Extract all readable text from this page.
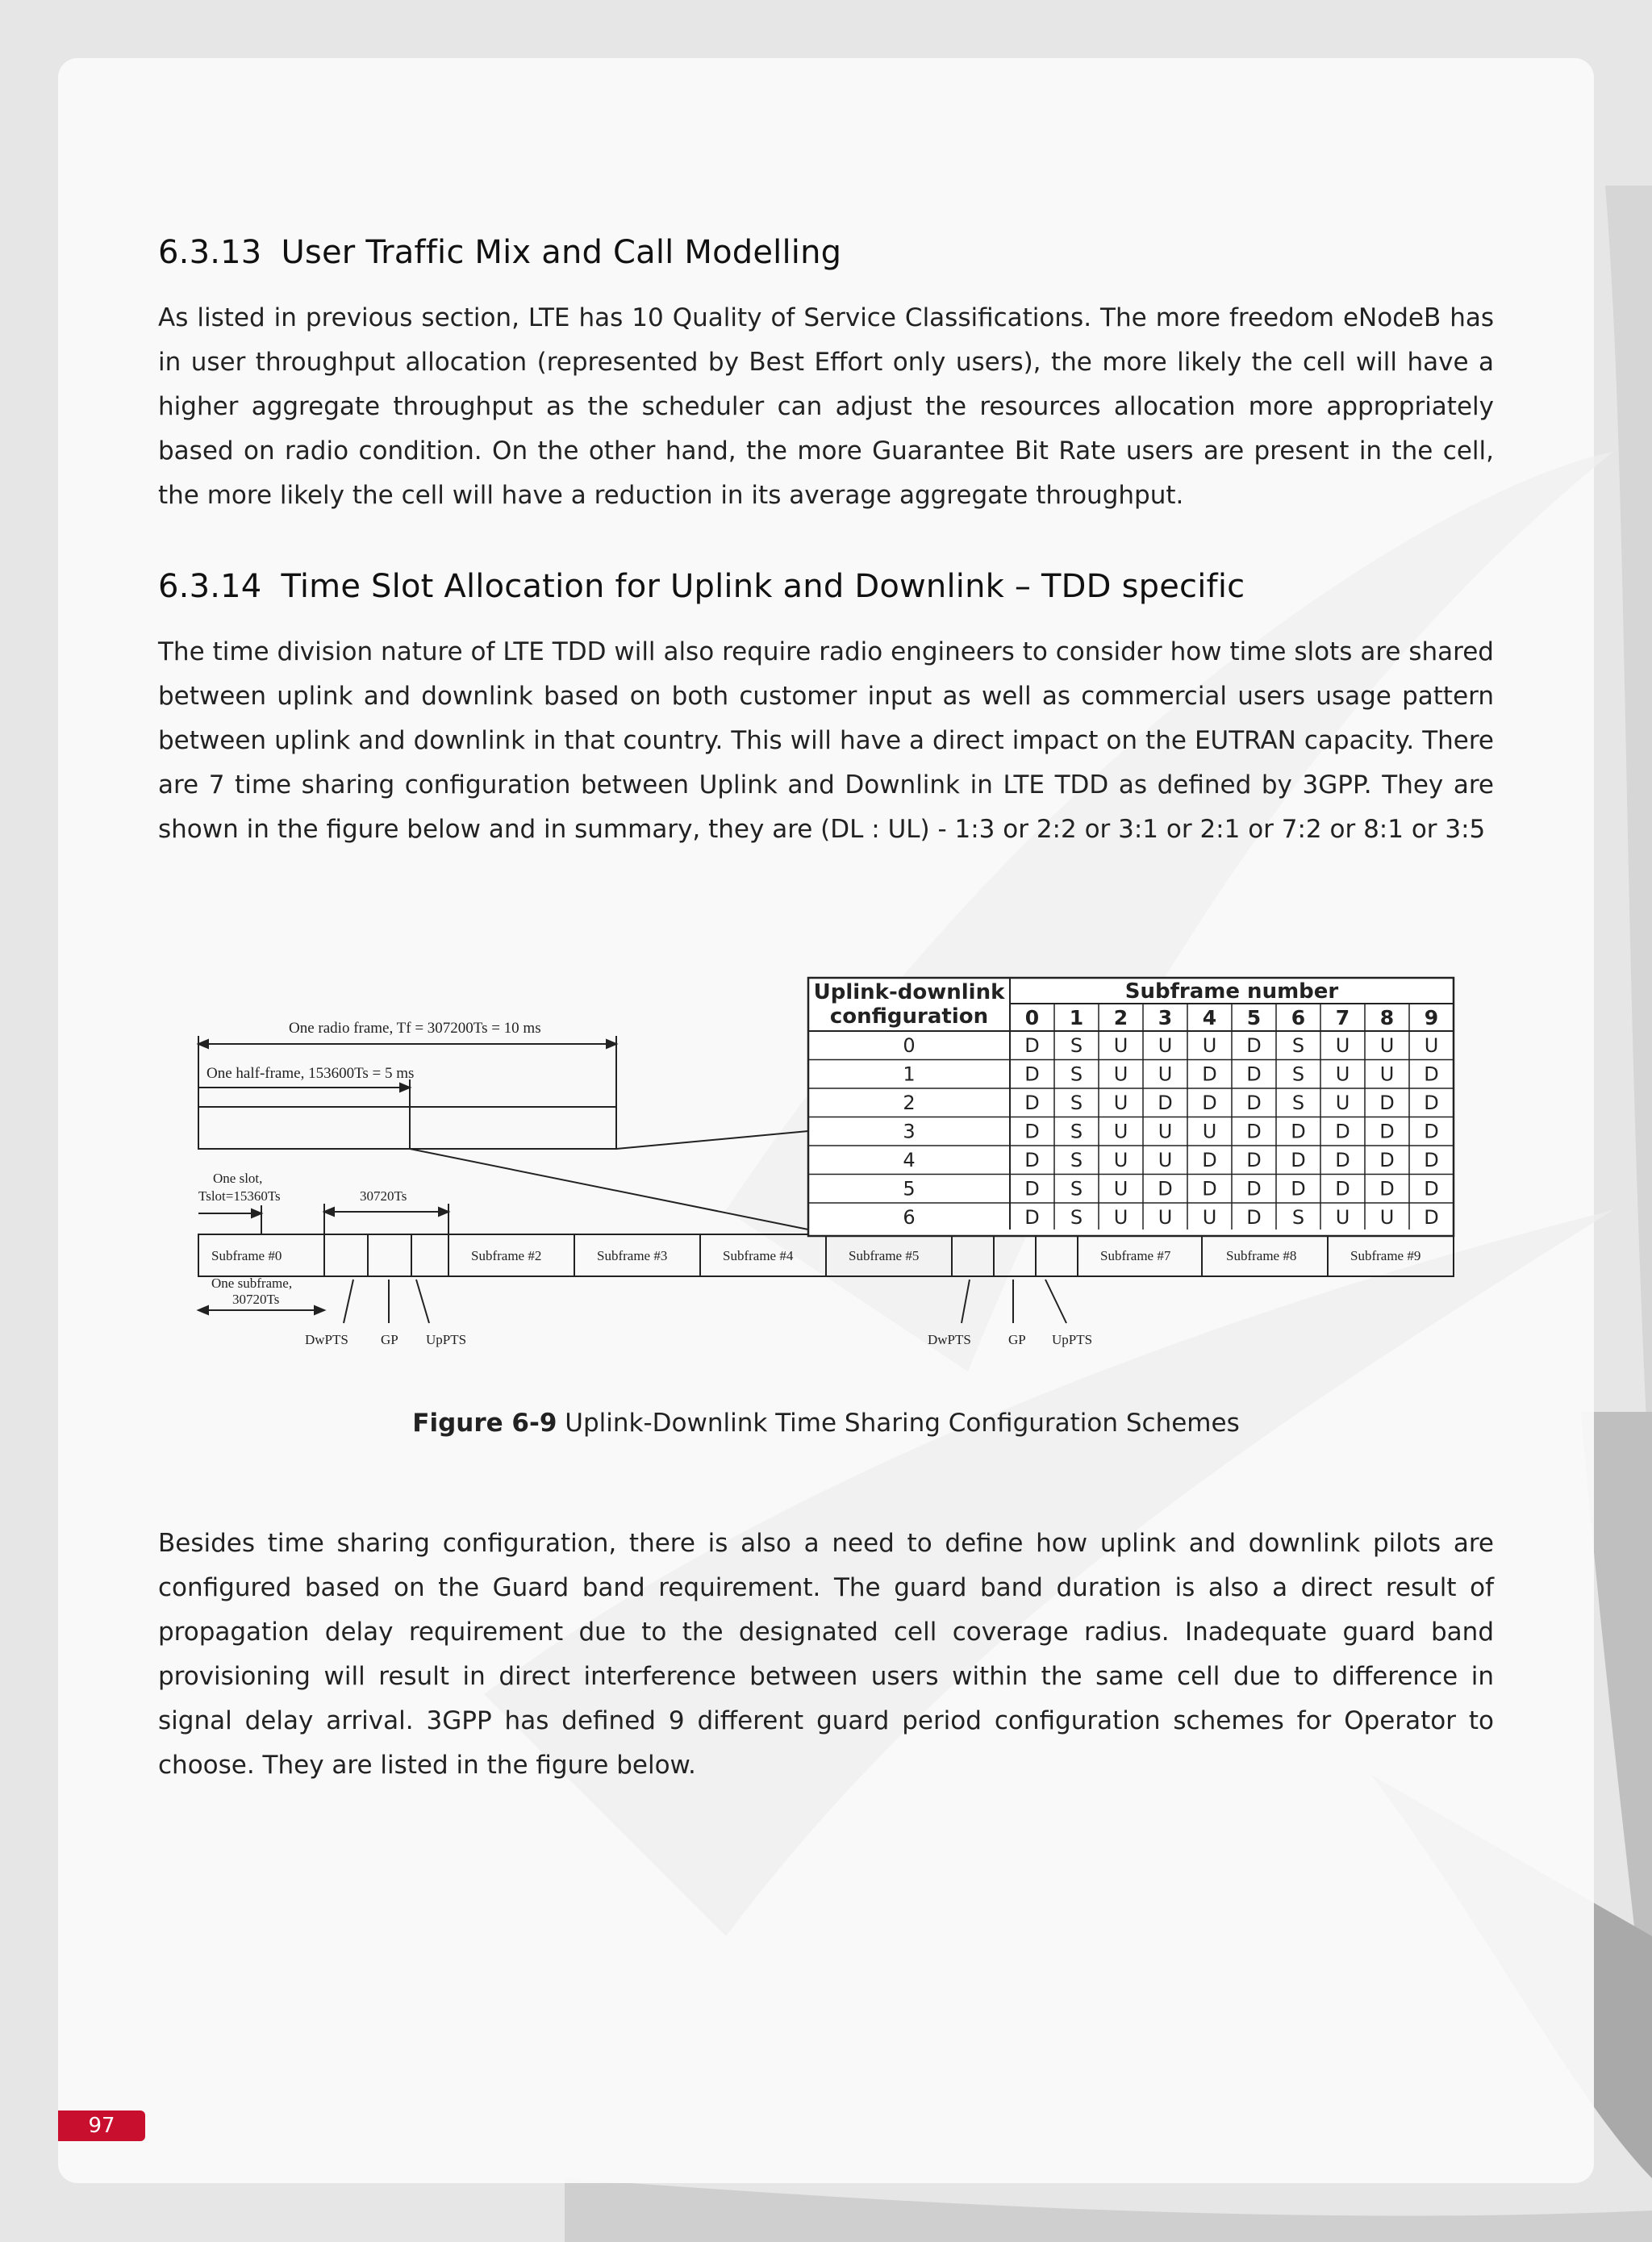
6.3.13 User Traffic Mix and Call Modelling

As listed in previous section, LTE has 10 Quality of Service Classifications. The more freedom eNodeB has in user throughput allocation (represented by Best Effort only users), the more likely the cell will have a higher aggregate throughput as the scheduler can adjust the resources allocation more appropriately based on radio condition. On the other hand, the more Guarantee Bit Rate users are present in the cell, the more likely the cell will have a reduction in its average aggregate throughput.

6.3.14 Time Slot Allocation for Uplink and Downlink – TDD specific

The time division nature of LTE TDD will also require radio engineers to consider how time slots are shared between uplink and downlink based on both customer input as well as commercial users usage pattern between uplink and downlink in that country. This will have a direct impact on the EUTRAN capacity. There are 7 time sharing configuration between Uplink and Downlink in LTE TDD as defined by 3GPP. They are shown in the figure below and in summary, they are (DL : UL) - 1:3 or 2:2 or 3:1 or 2:1 or 7:2 or 8:1 or 3:5

One radio frame, Tf = 307200Ts = 10 ms
One half-frame, 153600Ts = 5 ms
One slot,
Tslot=15360Ts	30720Ts
One subframe,
30720Ts
DwPTS GP UpPTS	DwPTS	GP UpPTS
Subframe #0	Subframe #2	Subframe #3	Subframe #4	Subframe #5	Subframe #7	Subframe #8	Subframe #9
Uplink-downlink
configuration
Subframe number
0 1 2 3 4 5 6 7 8 9
0	D S U U U D S U U U
1	D S U U D D S U U D
2	D S U D D D S U D D
3	D S U U U D D D D D
4	D S U U D D D D D D
5	D S U D D D D D D D
6	D S U U U D S U U D
Figure 6-9 Uplink-Downlink Time Sharing Configuration Schemes

Besides time sharing configuration, there is also a need to define how uplink and downlink pilots are configured based on the Guard band requirement. The guard band duration is also a direct result of propagation delay requirement due to the designated cell coverage radius. Inadequate guard band provisioning will result in direct interference between users within the same cell due to difference in signal delay arrival. 3GPP has defined 9 different guard period configuration schemes for Operator to choose. They are listed in the figure below.

97
